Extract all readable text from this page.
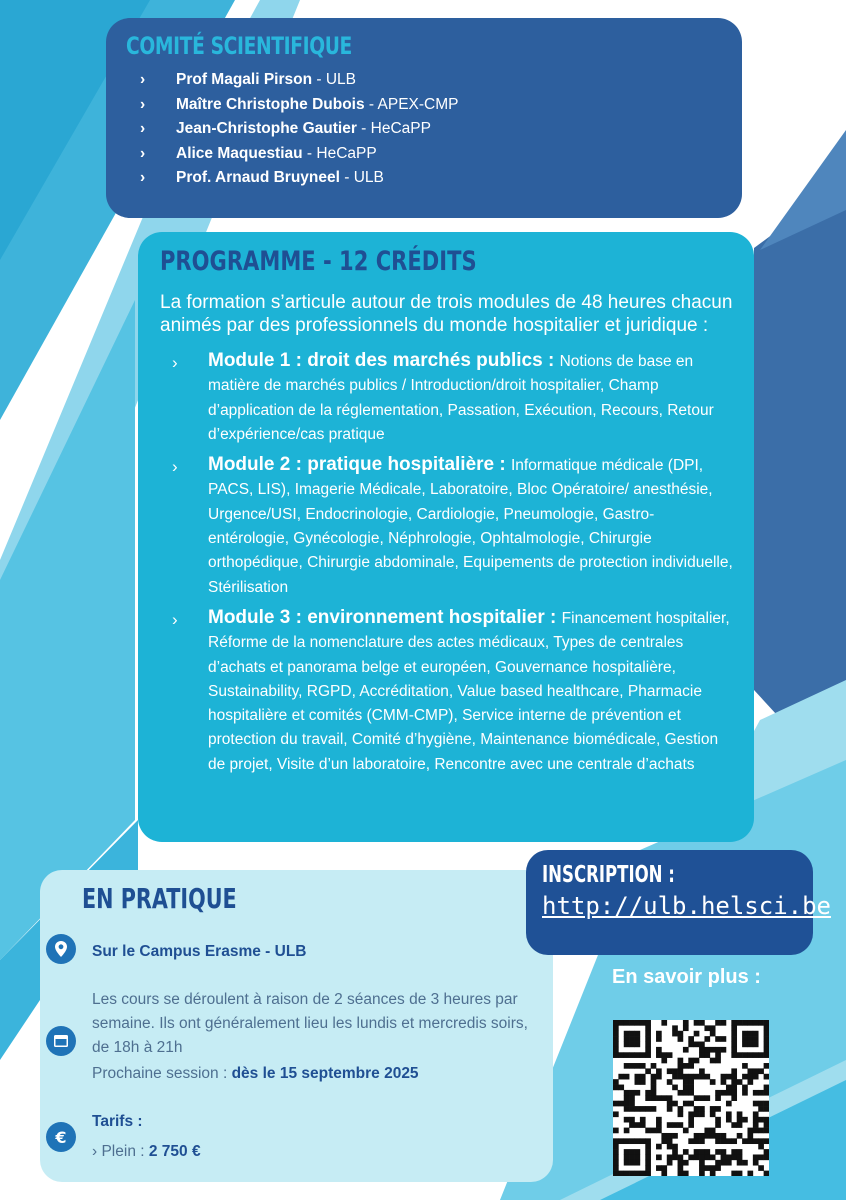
COMITÉ SCIENTIFIQUE
› Prof Magali Pirson - ULB
› Maître Christophe Dubois - APEX-CMP
› Jean-Christophe Gautier - HeCaPP
› Alice Maquestiau - HeCaPP
› Prof. Arnaud Bruyneel - ULB
PROGRAMME - 12 CRÉDITS

La formation s’articule autour de trois modules de 48 heures chacun animés par des professionnels du monde hospitalier et juridique :

› Module 1 : droit des marchés publics : Notions de base en matière de marchés publics / Introduction/droit hospitalier, Champ d’application de la réglementation, Passation, Exécution, Recours, Retour d’expérience/cas pratique
› Module 2 : pratique hospitalière : Informatique médicale (DPI, PACS, LIS), Imagerie Médicale, Laboratoire, Bloc Opératoire/ anesthésie, Urgence/USI, Endocrinologie, Cardiologie, Pneumologie, Gastro-entérologie, Gynécologie, Néphrologie, Ophtalmologie, Chirurgie orthopédique, Chirurgie abdominale, Equipements de protection individuelle, Stérilisation
› Module 3 : environnement hospitalier : Financement hospitalier, Réforme de la nomenclature des actes médicaux, Types de centrales d’achats et panorama belge et européen, Gouvernance hospitalière, Sustainability, RGPD, Accréditation, Value based healthcare, Pharmacie hospitalière et comités (CMM-CMP), Service interne de prévention et protection du travail, Comité d’hygiène, Maintenance biomédicale, Gestion de projet, Visite d’un laboratoire, Rencontre avec une centrale d’achats
EN PRATIQUE
Sur le Campus Erasme - ULB
Les cours se déroulent à raison de 2 séances de 3 heures par semaine. Ils ont généralement lieu les lundis et mercredis soirs, de 18h à 21h
Prochaine session : dès le 15 septembre 2025
€
Tarifs :
› Plein : 2 750 €
INSCRIPTION :
http://ulb.helsci.be
En savoir plus :
